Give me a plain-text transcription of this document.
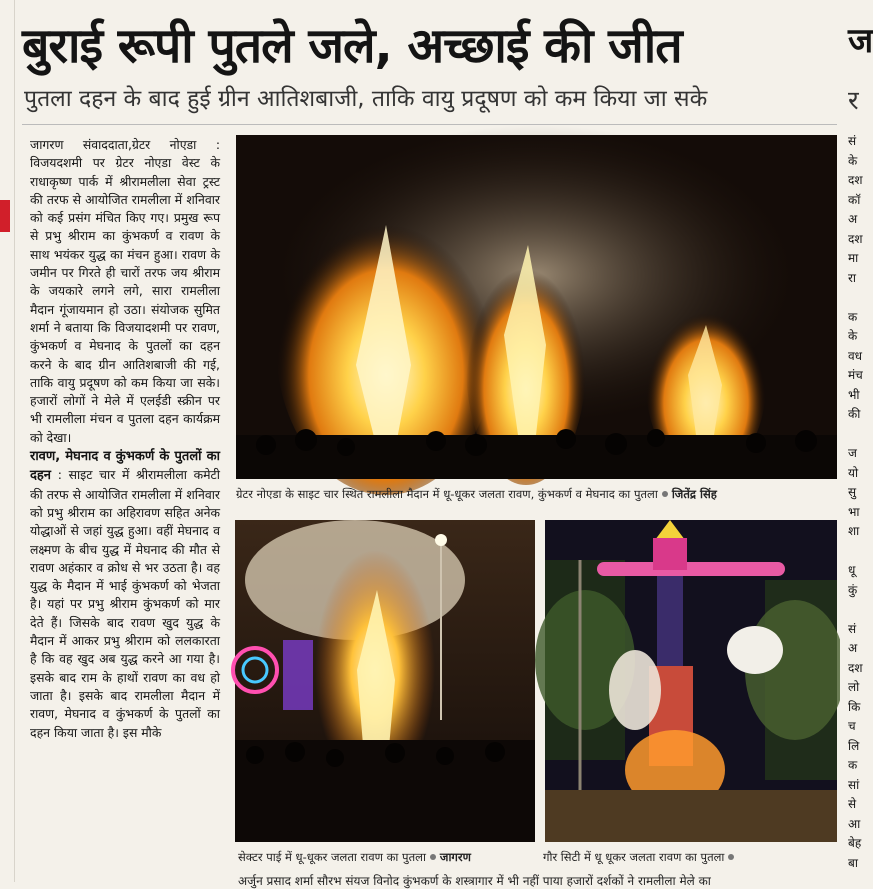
बुराई रूपी पुतले जले, अच्छाई की जीत
पुतला दहन के बाद हुई ग्रीन आतिशबाजी, ताकि वायु प्रदूषण को कम किया जा सके

जागरण संवाददाता,ग्रेटर नोएडा : विजयदशमी पर ग्रेटर नोएडा वेस्ट के राधाकृष्ण पार्क में श्रीरामलीला सेवा ट्रस्ट की तरफ से आयोजित रामलीला में शनिवार को कई प्रसंग मंचित किए गए। प्रमुख रूप से प्रभु श्रीराम का कुंभकर्ण व रावण के साथ भयंकर युद्ध का मंचन हुआ। रावण के जमीन पर गिरते ही चारों तरफ जय श्रीराम के जयकारे लगने लगे, सारा रामलीला मैदान गूंजायमान हो उठा। संयोजक सुमित शर्मा ने बताया कि विजयादशमी पर रावण, कुंभकर्ण व मेघनाद के पुतलों का दहन करने के बाद ग्रीन आतिशबाजी की गई, ताकि वायु प्रदूषण को कम किया जा सके। हजारों लोगों ने मेले में एलईडी स्क्रीन पर भी रामलीला मंचन व पुतला दहन कार्यक्रम को देखा।

रावण, मेघनाद व कुंभकर्ण के पुतलों का दहन : साइट चार में श्रीरामलीला कमेटी की तरफ से आयोजित रामलीला में शनिवार को प्रभु श्रीराम का अहिरावण सहित अनेक योद्धाओं से जहां युद्ध हुआ। वहीं मेघनाद व लक्ष्मण के बीच युद्ध में मेघनाद की मौत से रावण अहंकार व क्रोध से भर उठता है। वह युद्ध के मैदान में भाई कुंभकर्ण को भेजता है। यहां पर प्रभु श्रीराम कुंभकर्ण को मार देते हैं। जिसके बाद रावण खुद युद्ध के मैदान में आकर प्रभु श्रीराम को ललकारता है कि वह खुद अब युद्ध करने आ गया है। इसके बाद राम के हाथों रावण का वध हो जाता है। इसके बाद रामलीला मैदान में रावण, मेघनाद व कुंभकर्ण के पुतलों का दहन किया जाता है। इस मौके

ग्रेटर नोएडा के साइट चार स्थित रामलीला मैदान में धू-धूकर जलता रावण, कुंभकर्ण व मेघनाद का पुतला जितेंद्र सिंह
सेक्टर पाई में धू-धूकर जलता रावण का पुतला जागरण	गौर सिटी में धू धूकर जलता रावण का पुतला
अर्जुन प्रसाद शर्मा सौरभ संयज विनोद कुंभकर्ण के शस्त्रागार में भी नहीं पाया हजारों दर्शकों ने रामलीला मेले का
ज
र
सं
के
दश
कॉ
अ
दश
मा
रा

क
के
वध
मंच
भी
की

ज
यो
सु
भा
शा

धू
कुं

सं
अ
दश
लो
कि
च
लि
क
सां
से
आ
बेह
बा
